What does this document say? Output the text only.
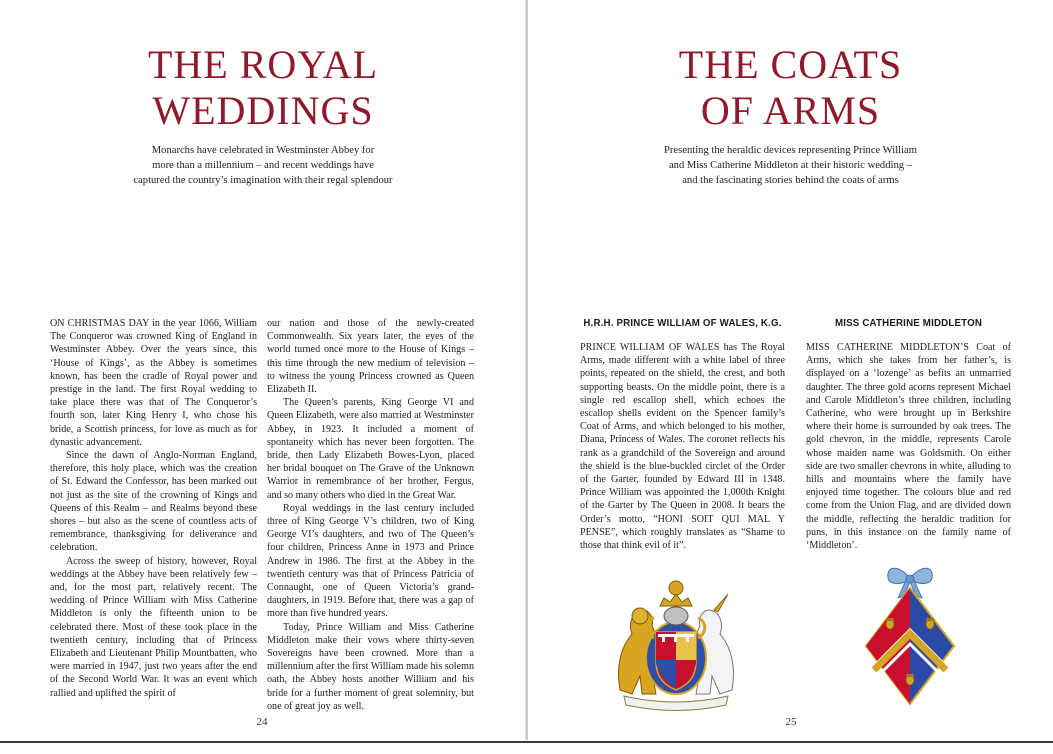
THE ROYAL
WEDDINGS
Monarchs have celebrated in Westminster Abbey for
more than a millennium – and recent weddings have
captured the country’s imagination with their regal splendour

ON CHRISTMAS DAY in the year 1066, William The Conqueror was crowned King of England in Westminster Abbey. Over the years since, this ‘House of Kings’, as the Abbey is sometimes known, has been the cradle of Royal power and prestige in the land. The first Royal wedding to take place there was that of The Conqueror’s fourth son, later King Henry I, who chose his bride, a Scottish princess, for love as much as for dynastic advancement.

Since the dawn of Anglo-Norman England, therefore, this holy place, which was the creation of St. Edward the Confessor, has been marked out not just as the site of the crowning of Kings and Queens of this Realm – and Realms beyond these shores – but also as the scene of countless acts of remembrance, thanksgiving for deliverance and celebration.

Across the sweep of history, however, Royal weddings at the Abbey have been relatively few – and, for the most part, relatively recent. The wedding of Prince William with Miss Catherine Middleton is only the fifteenth union to be celebrated there. Most of these took place in the twentieth century, including that of Princess Elizabeth and Lieutenant Philip Mountbatten, who were married in 1947, just two years after the end of the Second World War. It was an event which rallied and uplifted the spirit of

our nation and those of the newly-created Commonwealth. Six years later, the eyes of the world turned once more to the House of Kings – this time through the new medium of television – to witness the young Princess crowned as Queen Elizabeth II.

The Queen’s parents, King George VI and Queen Elizabeth, were also married at Westminster Abbey, in 1923. It included a moment of spontaneity which has never been forgotten. The bride, then Lady Elizabeth Bowes-Lyon, placed her bridal bouquet on The Grave of the Unknown Warrior in remembrance of her brother, Fergus, and so many others who died in the Great War.

Royal weddings in the last century included three of King George V’s children, two of King George VI’s daughters, and two of The Queen’s four children, Princess Anne in 1973 and Prince Andrew in 1986. The first at the Abbey in the twentieth century was that of Princess Patricia of Connaught, one of Queen Victoria’s grand-daughters, in 1919. Before that, there was a gap of more than five hundred years.

Today, Prince William and Miss Catherine Middleton make their vows where thirty-seven Sovereigns have been crowned. More than a millennium after the first William made his solemn oath, the Abbey hosts another William and his bride for a further moment of great solemnity, but one of great joy as well.

24
THE COATS
OF ARMS
Presenting the heraldic devices representing Prince William
and Miss Catherine Middleton at their historic wedding –
and the fascinating stories behind the coats of arms
H.R.H. PRINCE WILLIAM OF WALES, K.G.

PRINCE WILLIAM OF WALES has The Royal Arms, made different with a white label of three points, repeated on the shield, the crest, and both supporting beasts. On the middle point, there is a single red escallop shell, which echoes the escallop shells evident on the Spencer family’s Coat of Arms, and which belonged to his mother, Diana, Princess of Wales. The coronet reflects his rank as a grandchild of the Sovereign and around the shield is the blue-buckled circlet of the Order of the Garter, founded by Edward III in 1348. Prince William was appointed the 1,000th Knight of the Garter by The Queen in 2008. It bears the Order’s motto, “HONI SOIT QUI MAL Y PENSE”, which roughly translates as “Shame to those that think evil of it”.

MISS CATHERINE MIDDLETON

MISS CATHERINE MIDDLETON’S Coat of Arms, which she takes from her father’s, is displayed on a ‘lozenge’ as befits an unmarried daughter. The three gold acorns represent Michael and Carole Middleton’s three children, including Catherine, who were brought up in Berkshire where their home is surrounded by oak trees. The gold chevron, in the middle, represents Carole whose maiden name was Goldsmith. On either side are two smaller chevrons in white, alluding to hills and mountains where the family have enjoyed time together. The colours blue and red come from the Union Flag, and are divided down the middle, reflecting the heraldic tradition for puns, in this instance on the family name of ‘Middleton’.

25
